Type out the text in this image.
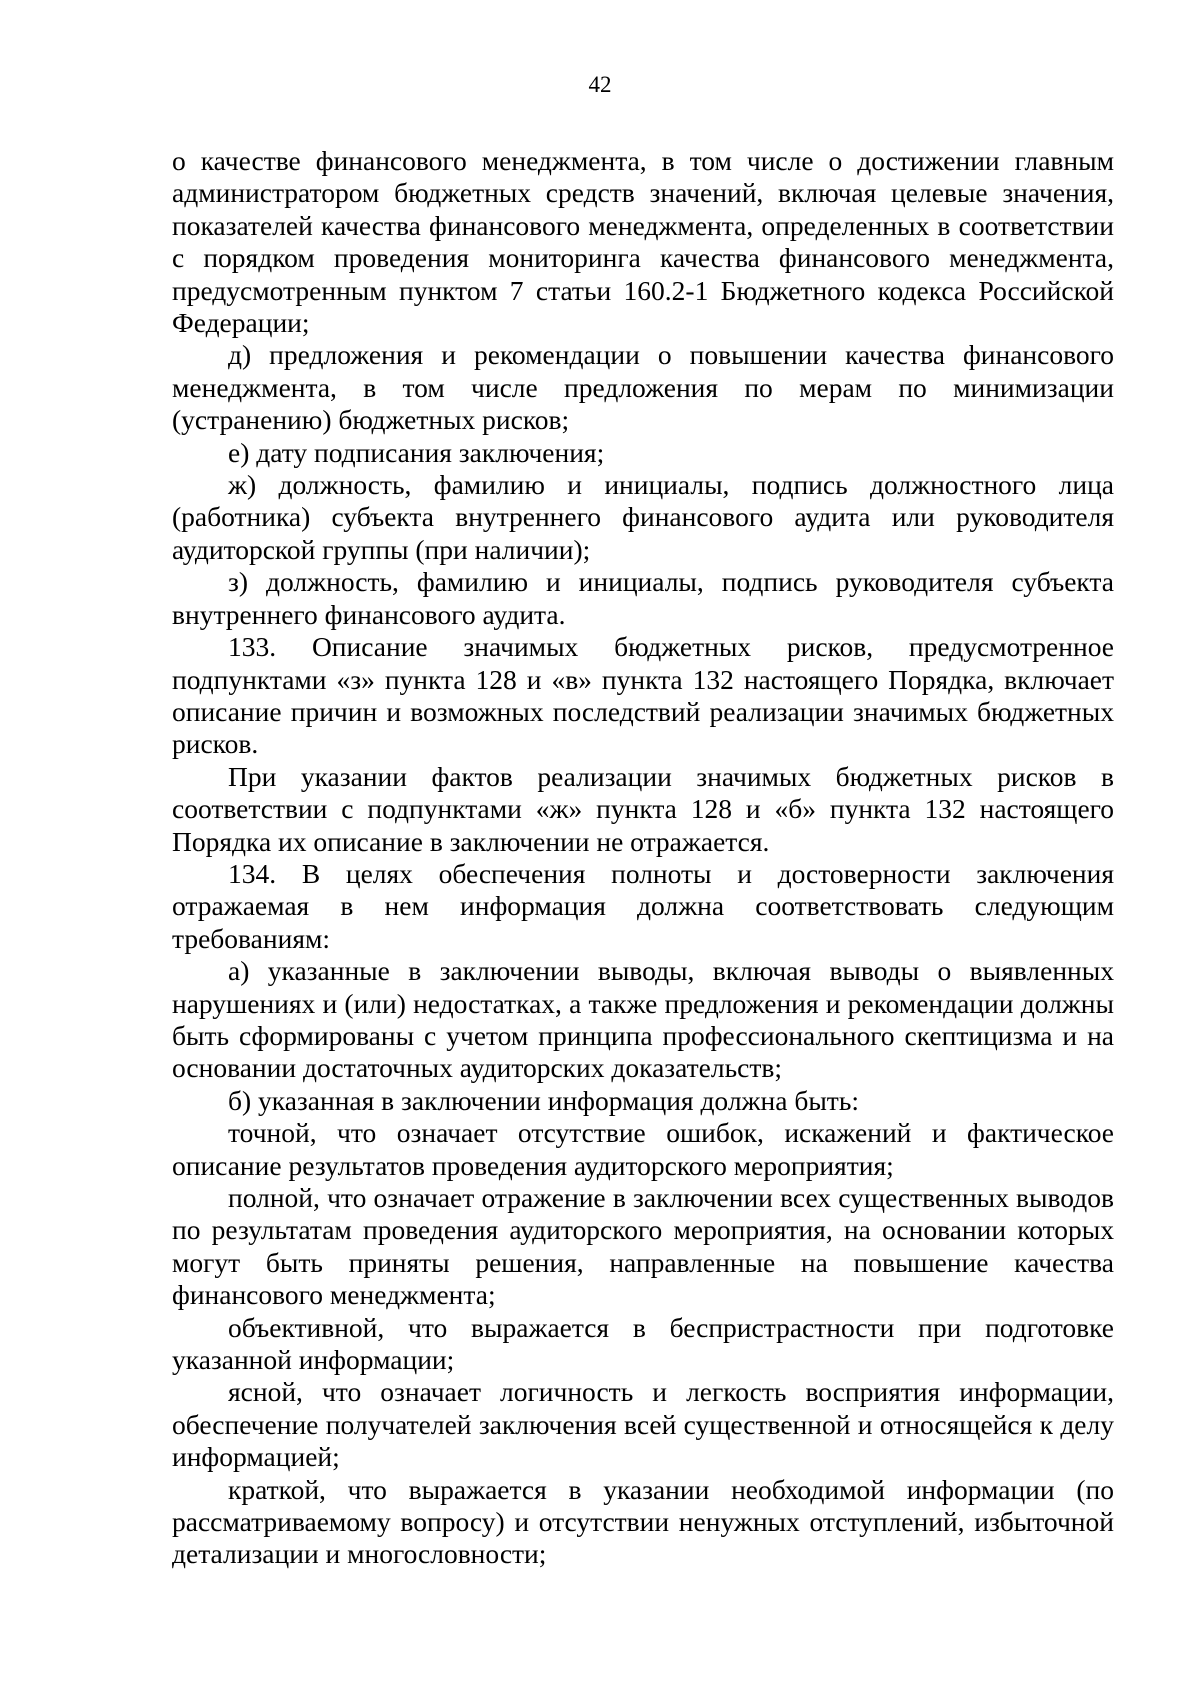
42

о качестве финансового менеджмента, в том числе о достижении главным администратором бюджетных средств значений, включая целевые значения, показателей качества финансового менеджмента, определенных в соответствии с порядком проведения мониторинга качества финансового менеджмента, предусмотренным пунктом 7 статьи 160.2-1 Бюджетного кодекса Российской Федерации;

д) предложения и рекомендации о повышении качества финансового менеджмента, в том числе предложения по мерам по минимизации (устранению) бюджетных рисков;

е) дату подписания заключения;

ж) должность, фамилию и инициалы, подпись должностного лица (работника) субъекта внутреннего финансового аудита или руководителя аудиторской группы (при наличии);

з) должность, фамилию и инициалы, подпись руководителя субъекта внутреннего финансового аудита.

133. Описание значимых бюджетных рисков, предусмотренное подпунктами «з» пункта 128 и «в» пункта 132 настоящего Порядка, включает описание причин и возможных последствий реализации значимых бюджетных рисков.

При указании фактов реализации значимых бюджетных рисков в соответствии с подпунктами «ж» пункта 128 и «б» пункта 132 настоящего Порядка их описание в заключении не отражается.

134. В целях обеспечения полноты и достоверности заключения отражаемая в нем информация должна соответствовать следующим требованиям:

а) указанные в заключении выводы, включая выводы о выявленных нарушениях и (или) недостатках, а также предложения и рекомендации должны быть сформированы с учетом принципа профессионального скептицизма и на основании достаточных аудиторских доказательств;

б) указанная в заключении информация должна быть:

точной, что означает отсутствие ошибок, искажений и фактическое описание результатов проведения аудиторского мероприятия;

полной, что означает отражение в заключении всех существенных выводов по результатам проведения аудиторского мероприятия, на основании которых могут быть приняты решения, направленные на повышение качества финансового менеджмента;

объективной, что выражается в беспристрастности при подготовке указанной информации;

ясной, что означает логичность и легкость восприятия информации, обеспечение получателей заключения всей существенной и относящейся к делу информацией;

краткой, что выражается в указании необходимой информации (по рассматриваемому вопросу) и отсутствии ненужных отступлений, избыточной детализации и многословности;
